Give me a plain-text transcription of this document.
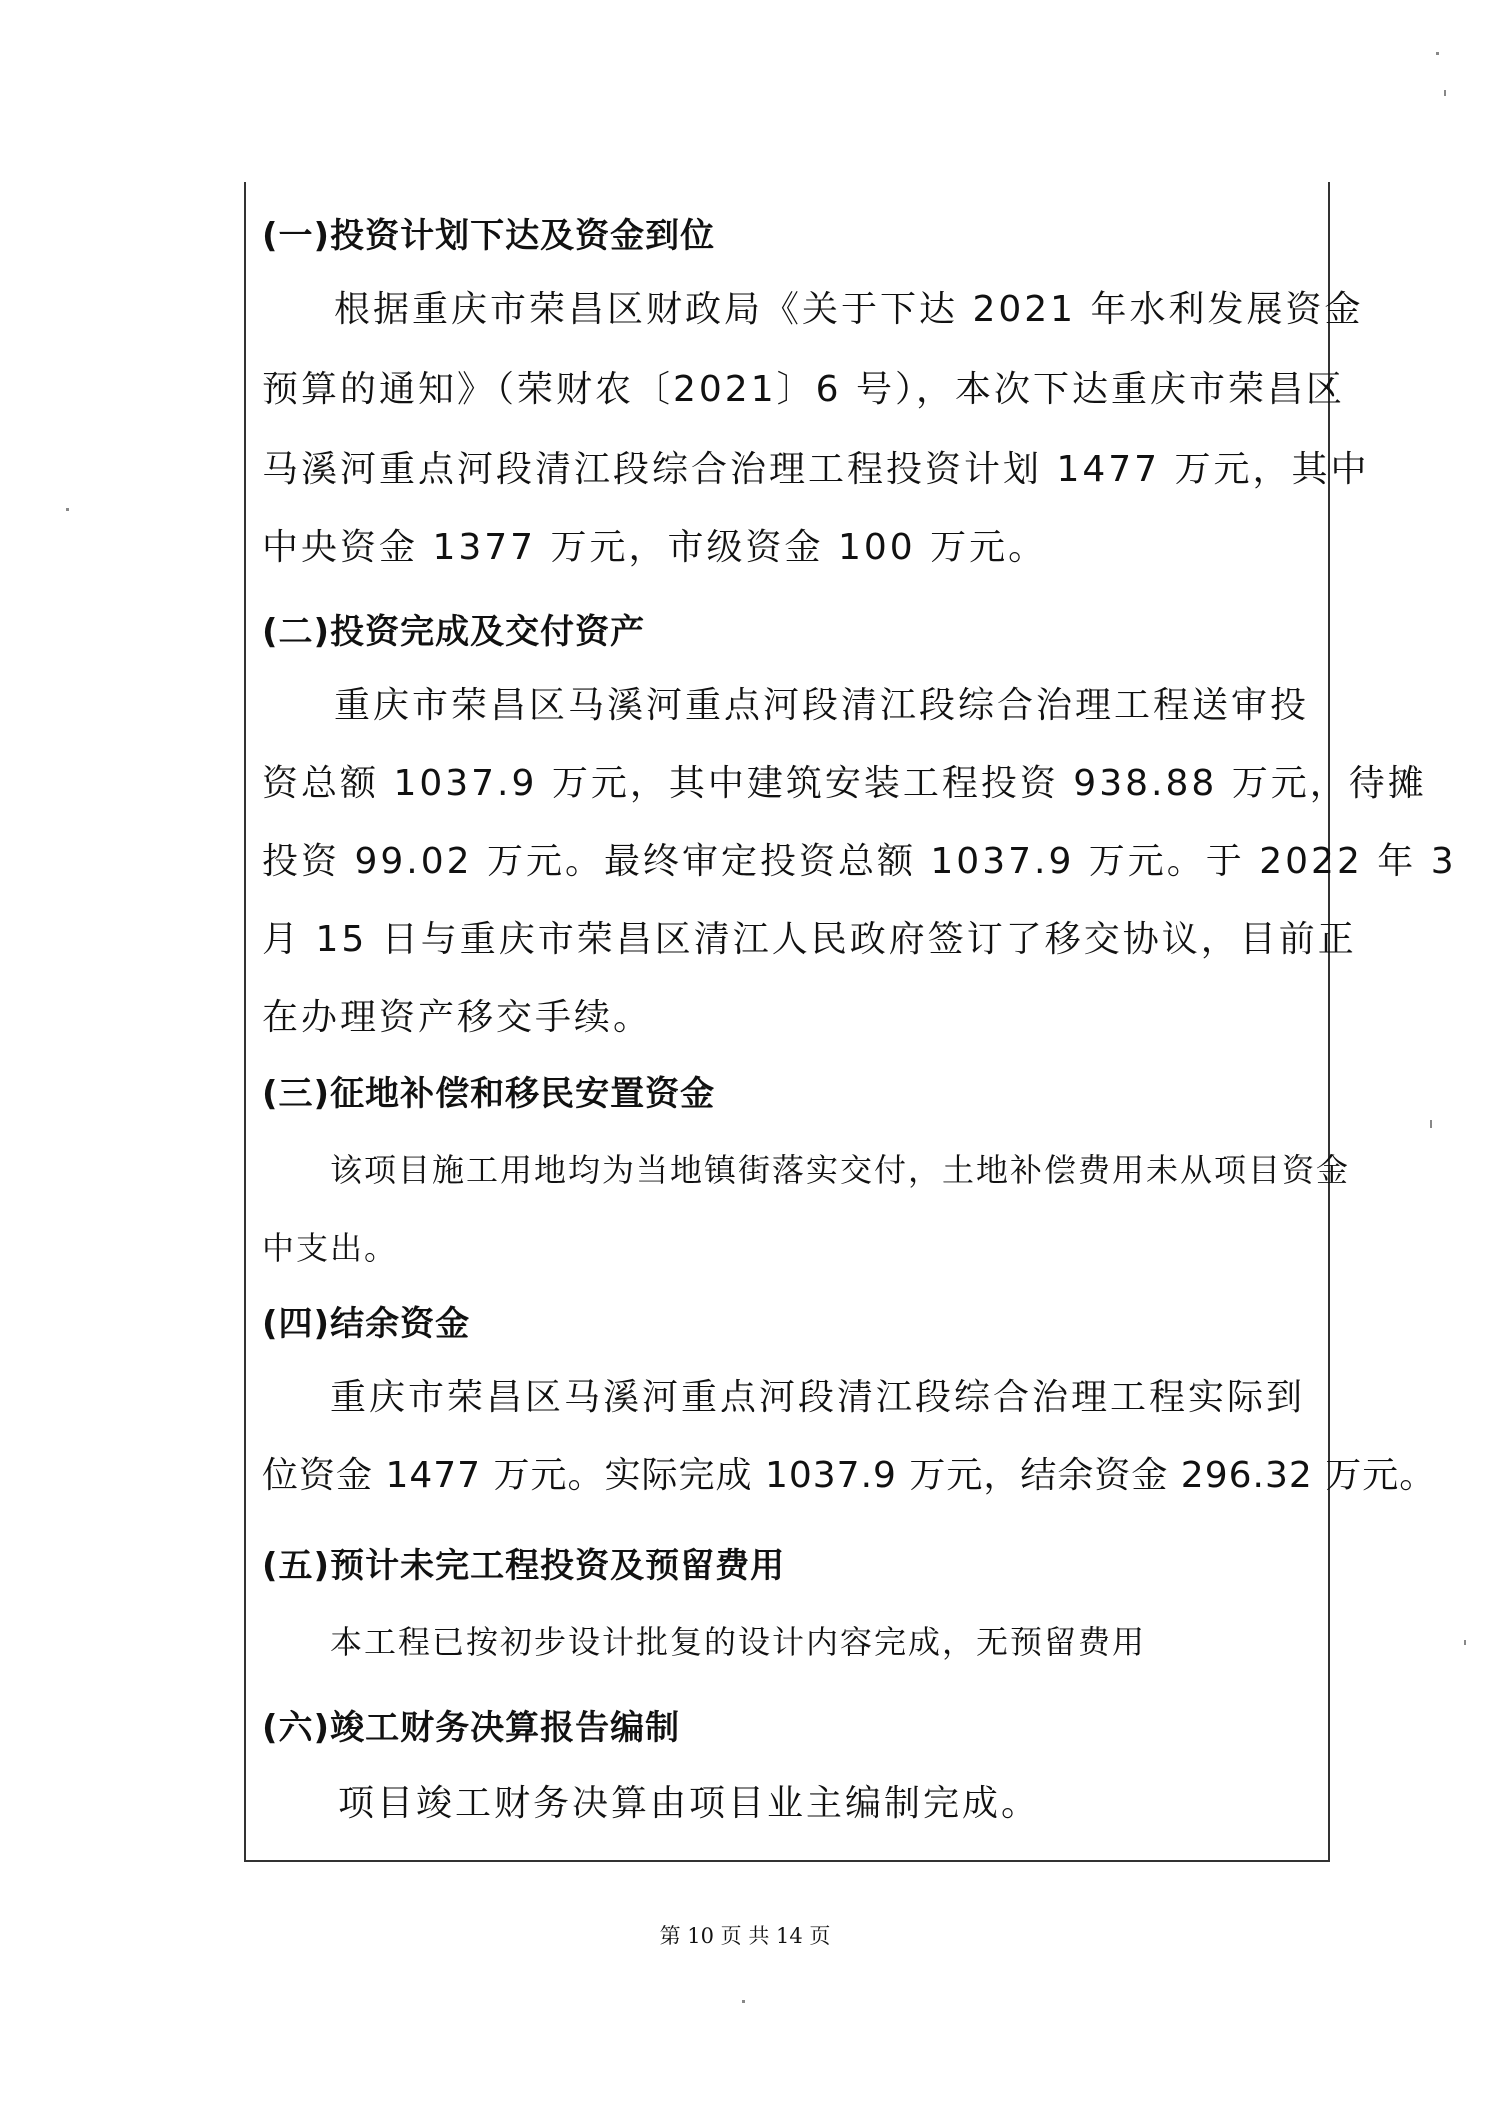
(一)投资计划下达及资金到位
根据重庆市荣昌区财政局《关于下达 2021 年水利发展资金
预算的通知》（荣财农〔2021〕6 号），本次下达重庆市荣昌区
马溪河重点河段清江段综合治理工程投资计划 1477 万元，其中
中央资金 1377 万元，市级资金 100 万元。
(二)投资完成及交付资产
重庆市荣昌区马溪河重点河段清江段综合治理工程送审投
资总额 1037.9 万元，其中建筑安装工程投资 938.88 万元，待摊
投资 99.02 万元。最终审定投资总额 1037.9 万元。于 2022 年 3
月 15 日与重庆市荣昌区清江人民政府签订了移交协议，目前正
在办理资产移交手续。
(三)征地补偿和移民安置资金
该项目施工用地均为当地镇街落实交付，土地补偿费用未从项目资金
中支出。
(四)结余资金
重庆市荣昌区马溪河重点河段清江段综合治理工程实际到
位资金 1477 万元。实际完成 1037.9 万元，结余资金 296.32 万元。
(五)预计未完工程投资及预留费用
本工程已按初步设计批复的设计内容完成，无预留费用
(六)竣工财务决算报告编制
项目竣工财务决算由项目业主编制完成。
第 10 页 共 14 页
